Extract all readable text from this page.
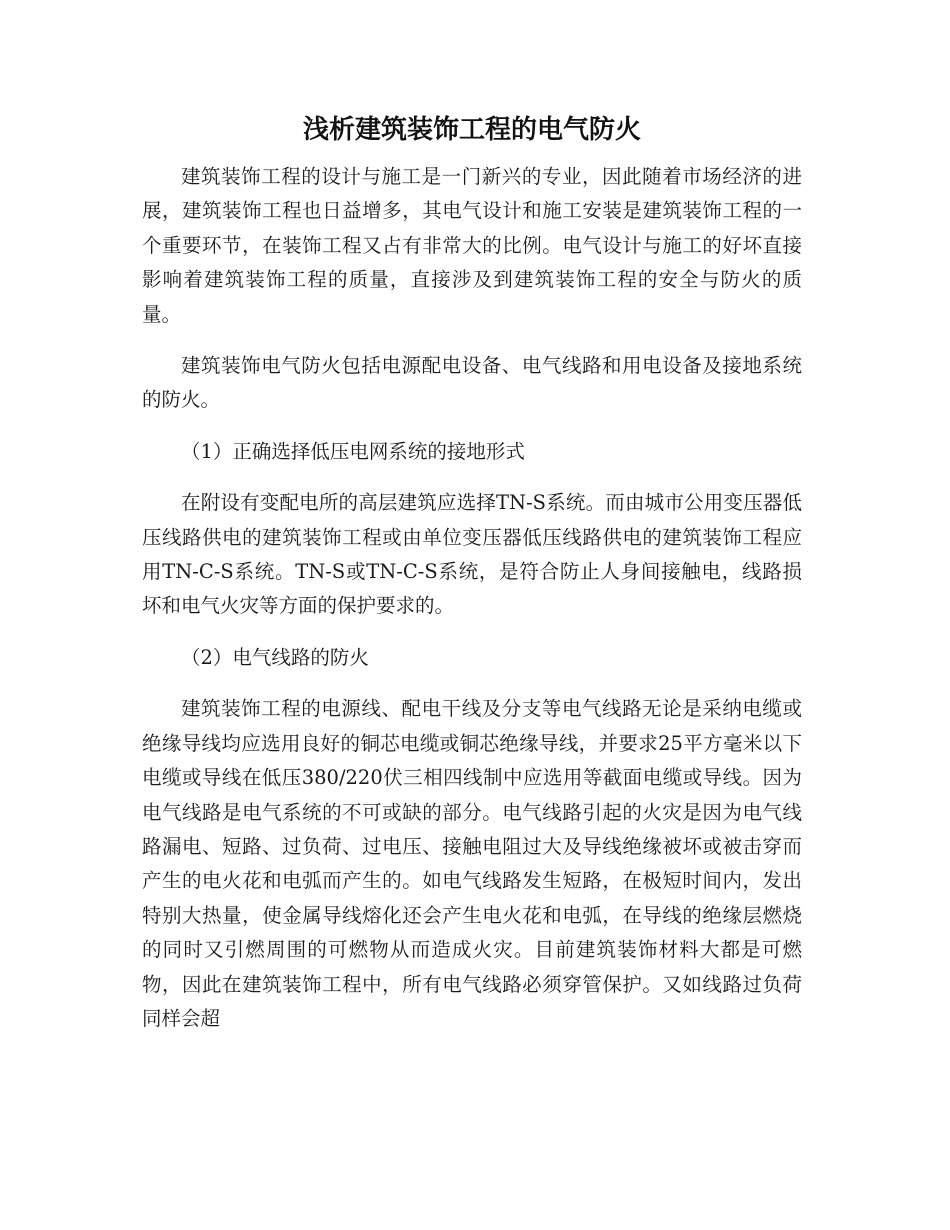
浅析建筑装饰工程的电气防火

建筑装饰工程的设计与施工是一门新兴的专业，因此随着市场经济的进展，建筑装饰工程也日益增多，其电气设计和施工安装是建筑装饰工程的一个重要环节，在装饰工程又占有非常大的比例。电气设计与施工的好坏直接影响着建筑装饰工程的质量，直接涉及到建筑装饰工程的安全与防火的质量。

建筑装饰电气防火包括电源配电设备、电气线路和用电设备及接地系统的防火。

（1）正确选择低压电网系统的接地形式

在附设有变配电所的高层建筑应选择TN-S系统。而由城市公用变压器低压线路供电的建筑装饰工程或由单位变压器低压线路供电的建筑装饰工程应用TN-C-S系统。TN-S或TN-C-S系统，是符合防止人身间接触电，线路损坏和电气火灾等方面的保护要求的。

（2）电气线路的防火

建筑装饰工程的电源线、配电干线及分支等电气线路无论是采纳电缆或绝缘导线均应选用良好的铜芯电缆或铜芯绝缘导线，并要求25平方毫米以下电缆或导线在低压380/220伏三相四线制中应选用等截面电缆或导线。因为电气线路是电气系统的不可或缺的部分。电气线路引起的火灾是因为电气线路漏电、短路、过负荷、过电压、接触电阻过大及导线绝缘被坏或被击穿而产生的电火花和电弧而产生的。如电气线路发生短路，在极短时间内，发出特别大热量，使金属导线熔化还会产生电火花和电弧，在导线的绝缘层燃烧的同时又引燃周围的可燃物从而造成火灾。目前建筑装饰材料大都是可燃物，因此在建筑装饰工程中，所有电气线路必须穿管保护。又如线路过负荷同样会超
